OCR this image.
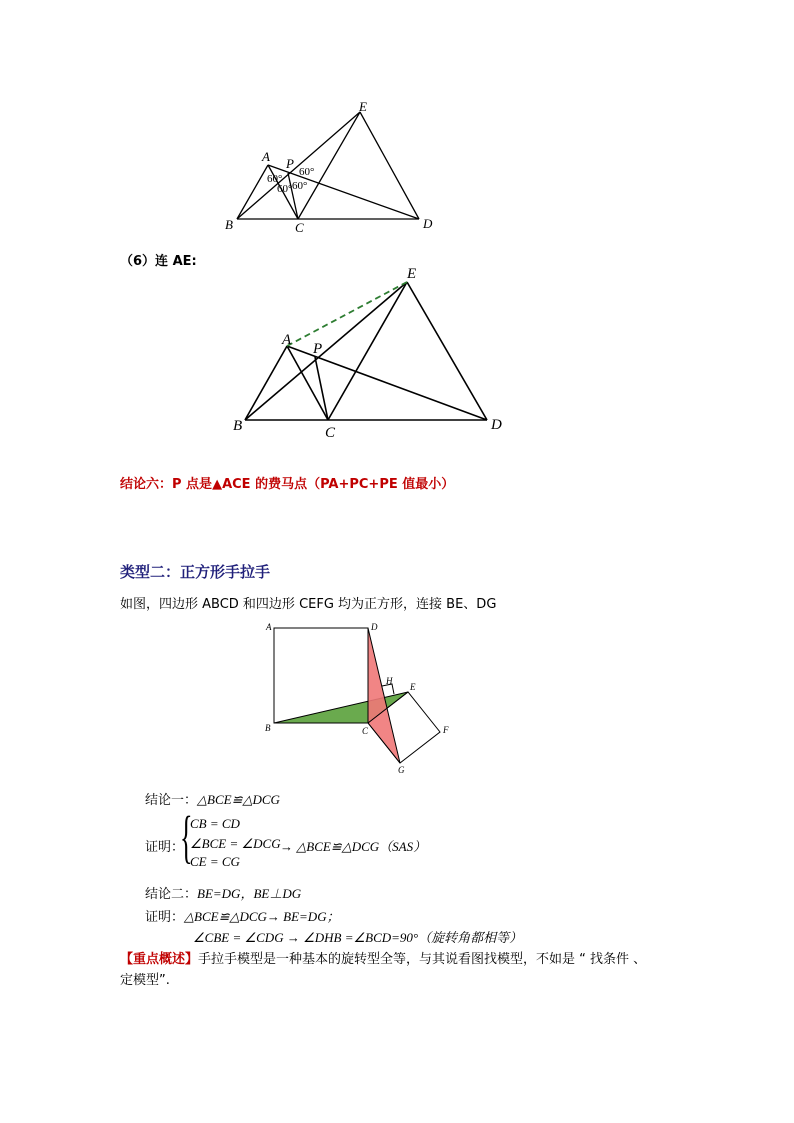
E
A P
B	C	D
60°
60°
60° 60°
（6）连 AE:
E
A
P
B	C	D
结论六：P 点是▲ACE 的费马点（PA+PC+PE 值最小）
类型二：正方形手拉手
如图，四边形 ABCD 和四边形 CEFG 均为正方形，连接 BE、DG
A	D
H
E
B	C	F
G
结论一：△BCE≌△DCG
证明：
{
CB = CD
∠BCE = ∠DCG
CE = CG
→ △BCE≌△DCG（SAS）
结论二：BE=DG，BE⊥DG
证明：△BCE≌△DCG→ BE=DG；
∠CBE = ∠CDG → ∠DHB =∠BCD=90°（旋转角都相等）
【重点概述】手拉手模型是一种基本的旋转型全等，与其说看图找模型，不如是 “ 找条件 、
定模型”.
